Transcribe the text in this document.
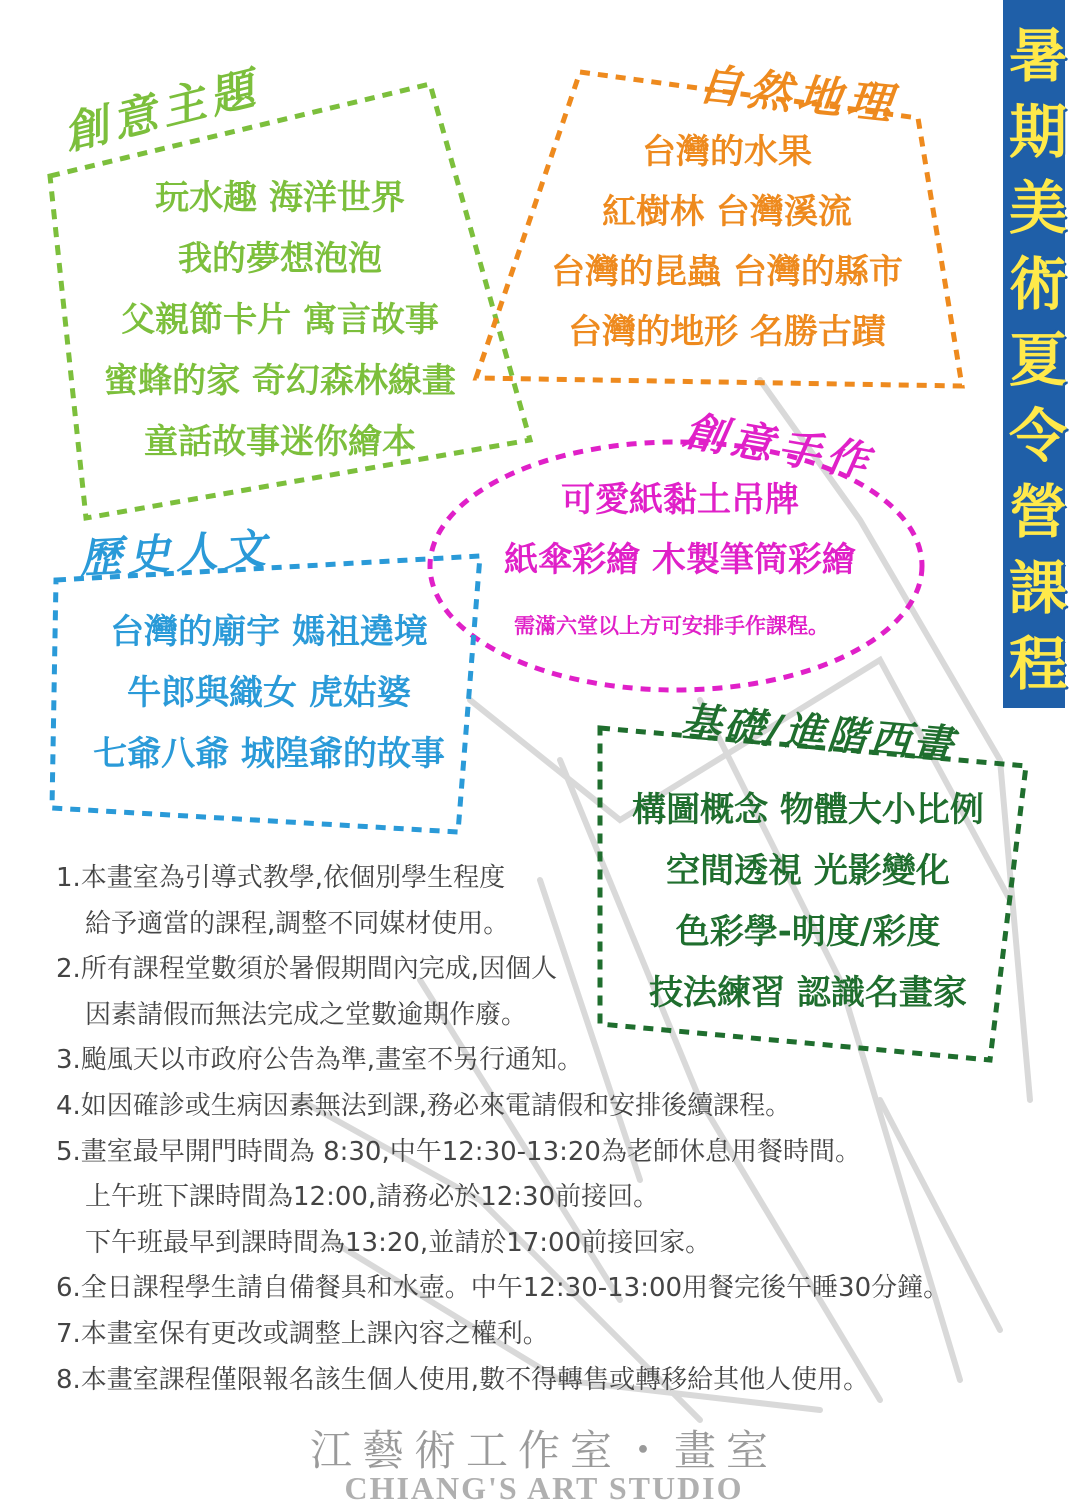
暑
期
美
術
夏
令
營
課
程
創意主題
玩水趣 海洋世界
我的夢想泡泡
父親節卡片 寓言故事
蜜蜂的家 奇幻森林線畫
童話故事迷你繪本
自然地理
台灣的水果
紅樹林 台灣溪流
台灣的昆蟲 台灣的縣市
台灣的地形 名勝古蹟
創意手作
可愛紙黏土吊牌
紙傘彩繪 木製筆筒彩繪
需滿六堂以上方可安排手作課程。
歷史人文
台灣的廟宇 媽祖遶境
牛郎與織女 虎姑婆
七爺八爺 城隍爺的故事	基礎/進階西畫
構圖概念 物體大小比例
空間透視 光影變化
色彩學-明度/彩度
技法練習 認識名畫家
1.本畫室為引導式教學,依個別學生程度
給予適當的課程,調整不同媒材使用。
2.所有課程堂數須於暑假期間內完成,因個人
因素請假而無法完成之堂數逾期作廢。
3.颱風天以市政府公告為準,畫室不另行通知。
4.如因確診或生病因素無法到課,務必來電請假和安排後續課程。
5.畫室最早開門時間為 8:30,中午12:30-13:20為老師休息用餐時間。
上午班下課時間為12:00,請務必於12:30前接回。
下午班最早到課時間為13:20,並請於17:00前接回家。
6.全日課程學生請自備餐具和水壺。中午12:30-13:00用餐完後午睡30分鐘。
7.本畫室保有更改或調整上課內容之權利。
8.本畫室課程僅限報名該生個人使用,數不得轉售或轉移給其他人使用。
江藝術工作室・畫室
CHIANG'S ART STUDIO
